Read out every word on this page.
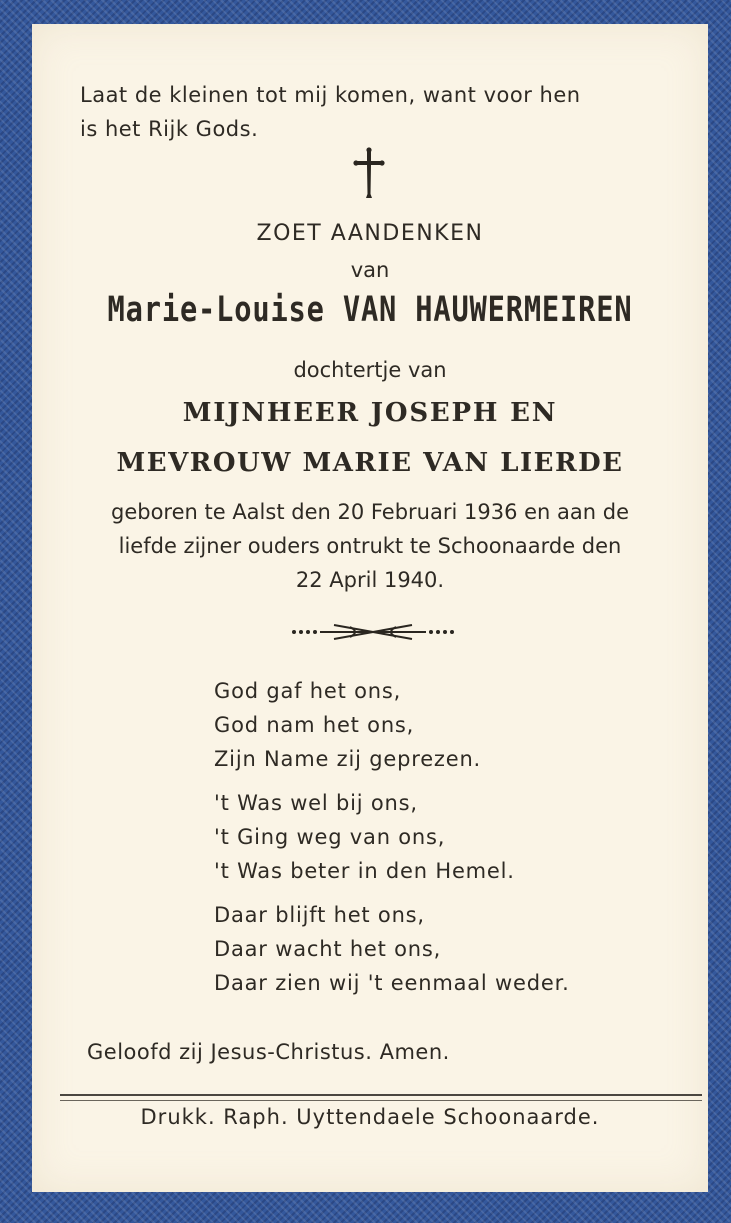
Laat de kleinen tot mij komen, want voor hen
is het Rijk Gods.
ZOET AANDENKEN
van
Marie-Louise VAN HAUWERMEIREN
dochtertje van
MIJNHEER JOSEPH EN
MEVROUW MARIE VAN LIERDE
geboren te Aalst den 20 Februari 1936 en aan de
liefde zijner ouders ontrukt te Schoonaarde den
22 April 1940.
God gaf het ons,
God nam het ons,
Zijn Name zij geprezen.
't Was wel bij ons,
't Ging weg van ons,
't Was beter in den Hemel.
Daar blijft het ons,
Daar wacht het ons,
Daar zien wij 't eenmaal weder.
Geloofd zij Jesus-Christus. Amen.
Drukk. Raph. Uyttendaele Schoonaarde.
